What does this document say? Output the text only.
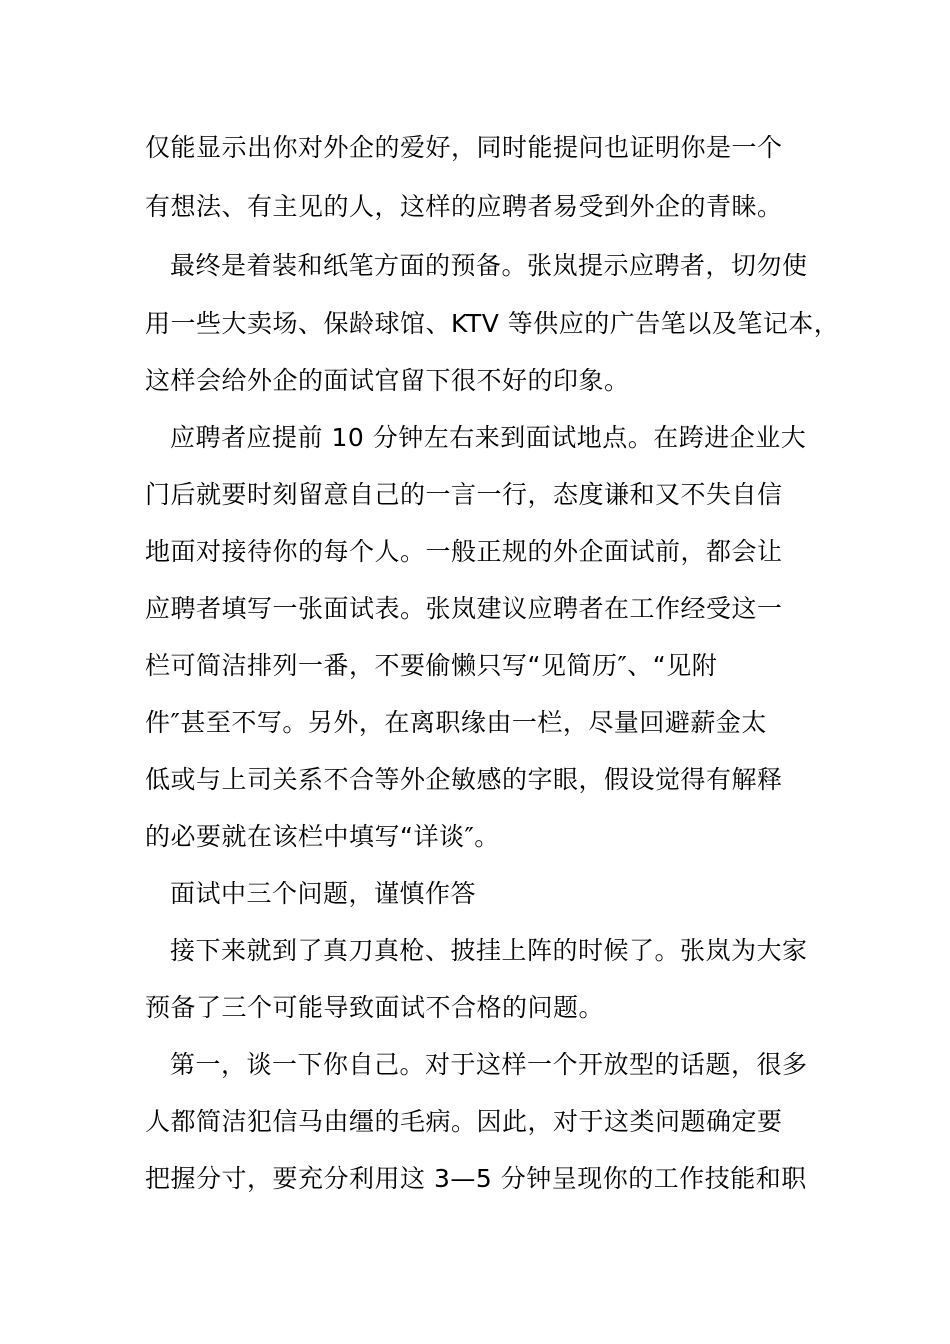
仅能显示出你对外企的爱好，同时能提问也证明你是一个
有想法、有主见的人，这样的应聘者易受到外企的青睐。
最终是着装和纸笔方面的预备。张岚提示应聘者，切勿使
用一些大卖场、保龄球馆、KTV 等供应的广告笔以及笔记本，
这样会给外企的面试官留下很不好的印象。
应聘者应提前 10 分钟左右来到面试地点。在跨进企业大
门后就要时刻留意自己的一言一行，态度谦和又不失自信
地面对接待你的每个人。一般正规的外企面试前，都会让
应聘者填写一张面试表。张岚建议应聘者在工作经受这一
栏可简洁排列一番，不要偷懒只写“见简历″、“见附
件″甚至不写。另外，在离职缘由一栏，尽量回避薪金太
低或与上司关系不合等外企敏感的字眼，假设觉得有解释
的必要就在该栏中填写“详谈″。
面试中三个问题，谨慎作答
接下来就到了真刀真枪、披挂上阵的时候了。张岚为大家
预备了三个可能导致面试不合格的问题。
第一，谈一下你自己。对于这样一个开放型的话题，很多
人都简洁犯信马由缰的毛病。因此，对于这类问题确定要
把握分寸，要充分利用这 3—5 分钟呈现你的工作技能和职
